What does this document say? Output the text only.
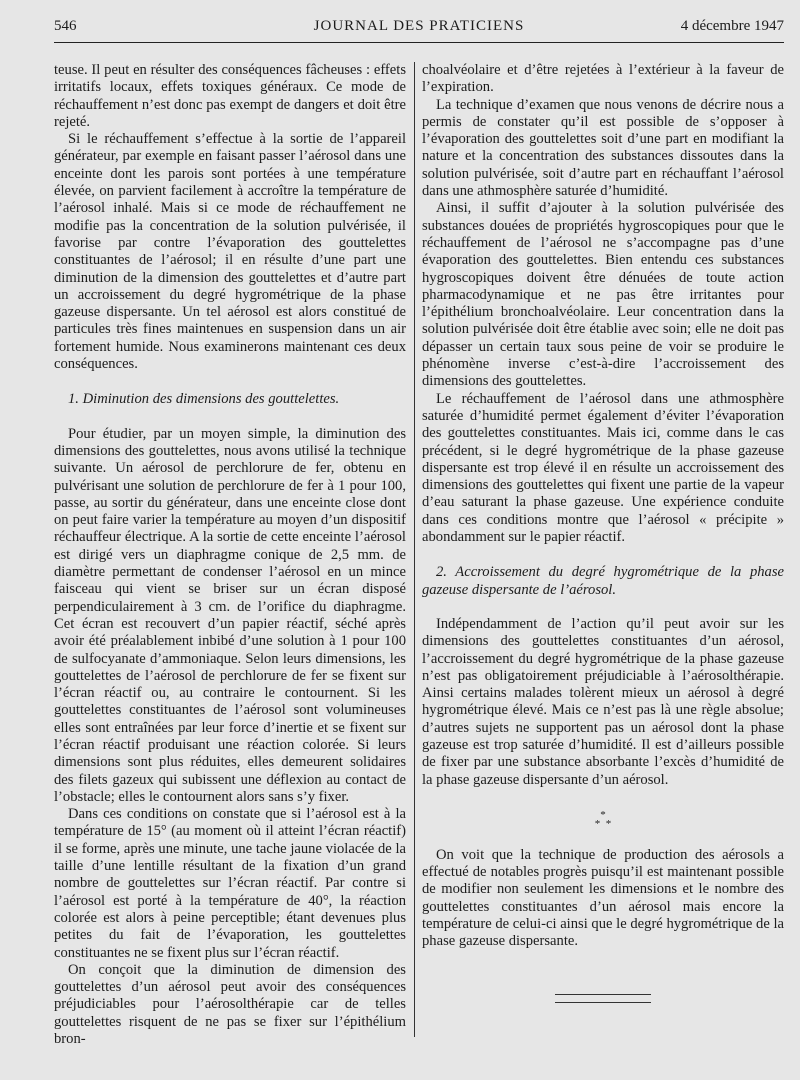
546	JOURNAL DES PRATICIENS	4 décembre 1947

teuse. Il peut en résulter des conséquences fâcheuses : effets irritatifs locaux, effets toxiques généraux. Ce mode de réchauffement n’est donc pas exempt de dangers et doit être rejeté.

Si le réchauffement s’effectue à la sortie de l’appareil générateur, par exemple en faisant passer l’aérosol dans une enceinte dont les parois sont portées à une température élevée, on parvient facilement à accroître la température de l’aérosol inhalé. Mais si ce mode de réchauffement ne modifie pas la concentration de la solution pulvérisée, il favorise par contre l’évaporation des gouttelettes constituantes de l’aérosol; il en résulte d’une part une diminution de la dimension des gouttelettes et d’autre part un accroissement du degré hygrométrique de la phase gazeuse dispersante. Un tel aérosol est alors constitué de particules très fines maintenues en suspension dans un air fortement humide. Nous examinerons maintenant ces deux conséquences.

1. Diminution des dimensions des gouttelettes.

Pour étudier, par un moyen simple, la diminution des dimensions des gouttelettes, nous avons utilisé la technique suivante. Un aérosol de perchlorure de fer, obtenu en pulvérisant une solution de perchlorure de fer à 1 pour 100, passe, au sortir du générateur, dans une enceinte close dont on peut faire varier la température au moyen d’un dispositif réchauffeur électrique. A la sortie de cette enceinte l’aérosol est dirigé vers un diaphragme conique de 2,5 mm. de diamètre permettant de condenser l’aérosol en un mince faisceau qui vient se briser sur un écran disposé perpendiculairement à 3 cm. de l’orifice du diaphragme. Cet écran est recouvert d’un papier réactif, séché après avoir été préalablement inbibé d’une solution à 1 pour 100 de sulfocyanate d’ammoniaque. Selon leurs dimensions, les gouttelettes de l’aérosol de perchlorure de fer se fixent sur l’écran réactif ou, au contraire le contournent. Si les gouttelettes constituantes de l’aérosol sont volumineuses elles sont entraînées par leur force d’inertie et se fixent sur l’écran réactif produisant une réaction colorée. Si leurs dimensions sont plus réduites, elles demeurent solidaires des filets gazeux qui subissent une déflexion au contact de l’obstacle; elles le contournent alors sans s’y fixer.

Dans ces conditions on constate que si l’aérosol est à la température de 15° (au moment où il atteint l’écran réactif) il se forme, après une minute, une tache jaune violacée de la taille d’une lentille résultant de la fixation d’un grand nombre de gouttelettes sur l’écran réactif. Par contre si l’aérosol est porté à la température de 40°, la réaction colorée est alors à peine perceptible; étant devenues plus petites du fait de l’évaporation, les gouttelettes constituantes ne se fixent plus sur l’écran réactif.

On conçoit que la diminution de dimension des gouttelettes d’un aérosol peut avoir des conséquences préjudiciables pour l’aérosolthérapie car de telles gouttelettes risquent de ne pas se fixer sur l’épithélium bron-

choalvéolaire et d’être rejetées à l’extérieur à la faveur de l’expiration.

La technique d’examen que nous venons de décrire nous a permis de constater qu’il est possible de s’opposer à l’évaporation des gouttelettes soit d’une part en modifiant la nature et la concentration des substances dissoutes dans la solution pulvérisée, soit d’autre part en réchauffant l’aérosol dans une athmosphère saturée d’humidité.

Ainsi, il suffit d’ajouter à la solution pulvérisée des substances douées de propriétés hygroscopiques pour que le réchauffement de l’aérosol ne s’accompagne pas d’une évaporation des gouttelettes. Bien entendu ces substances hygroscopiques doivent être dénuées de toute action pharmacodynamique et ne pas être irritantes pour l’épithélium bronchoalvéolaire. Leur concentration dans la solution pulvérisée doit être établie avec soin; elle ne doit pas dépasser un certain taux sous peine de voir se produire le phénomène inverse c’est-à-dire l’accroissement des dimensions des gouttelettes.

Le réchauffement de l’aérosol dans une athmosphère saturée d’humidité permet également d’éviter l’évaporation des gouttelettes constituantes. Mais ici, comme dans le cas précédent, si le degré hygrométrique de la phase gazeuse dispersante est trop élevé il en résulte un accroissement des dimensions des gouttelettes qui fixent une partie de la vapeur d’eau saturant la phase gazeuse. Une expérience conduite dans ces conditions montre que l’aérosol « précipite » abondamment sur le papier réactif.

2. Accroissement du degré hygrométrique de la phase gazeuse dispersante de l’aérosol.

Indépendamment de l’action qu’il peut avoir sur les dimensions des gouttelettes constituantes d’un aérosol, l’accroissement du degré hygrométrique de la phase gazeuse n’est pas obligatoirement préjudiciable à l’aérosolthérapie. Ainsi certains malades tolèrent mieux un aérosol à degré hygrométrique élevé. Mais ce n’est pas là une règle absolue; d’autres sujets ne supportent pas un aérosol dont la phase gazeuse est trop saturée d’humidité. Il est d’ailleurs possible de fixer par une substance absorbante l’excès d’humidité de la phase gazeuse dispersante d’un aérosol.

*
*  *

On voit que la technique de production des aérosols a effectué de notables progrès puisqu’il est maintenant possible de modifier non seulement les dimensions et le nombre des gouttelettes constituantes d’un aérosol mais encore la température de celui-ci ainsi que le degré hygrométrique de la phase gazeuse dispersante.
